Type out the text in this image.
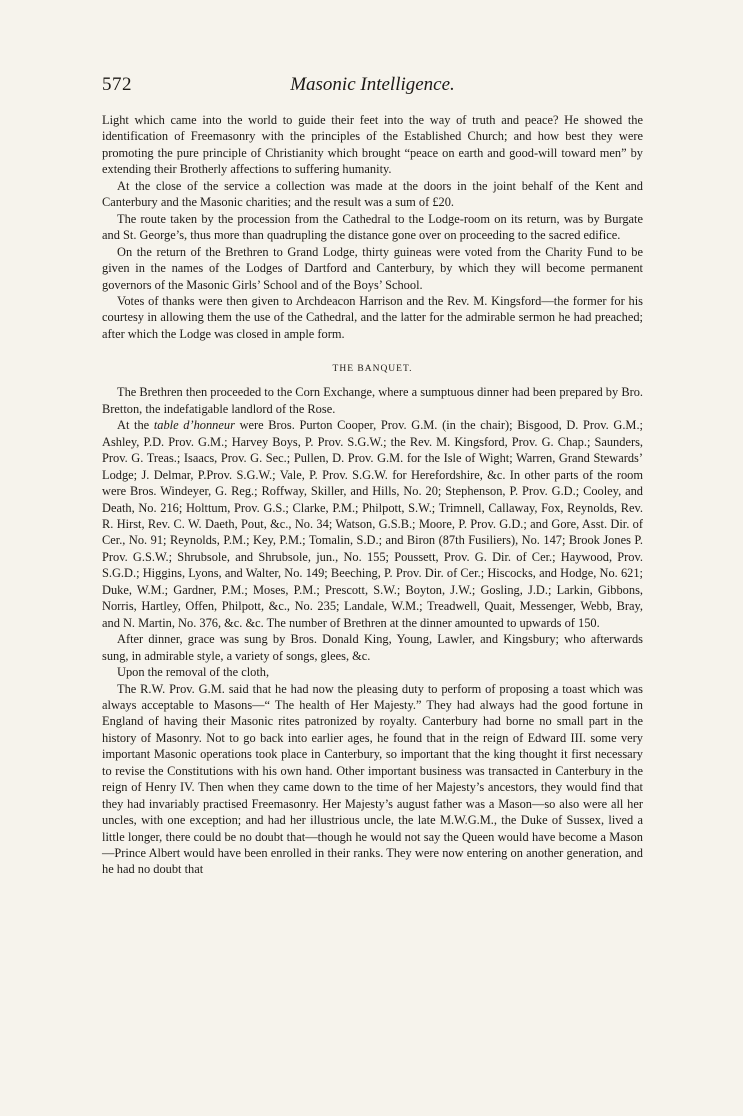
572	Masonic Intelligence.

Light which came into the world to guide their feet into the way of truth and peace? He showed the identification of Freemasonry with the principles of the Established Church; and how best they were promoting the pure principle of Christianity which brought “peace on earth and good-will toward men” by extending their Brotherly affections to suffering humanity.

At the close of the service a collection was made at the doors in the joint behalf of the Kent and Canterbury and the Masonic charities; and the result was a sum of £20.

The route taken by the procession from the Cathedral to the Lodge-room on its return, was by Burgate and St. George’s, thus more than quadrupling the distance gone over on proceeding to the sacred edifice.

On the return of the Brethren to Grand Lodge, thirty guineas were voted from the Charity Fund to be given in the names of the Lodges of Dartford and Canterbury, by which they will become permanent governors of the Masonic Girls’ School and of the Boys’ School.

Votes of thanks were then given to Archdeacon Harrison and the Rev. M. Kingsford—the former for his courtesy in allowing them the use of the Cathedral, and the latter for the admirable sermon he had preached; after which the Lodge was closed in ample form.

THE BANQUET.

The Brethren then proceeded to the Corn Exchange, where a sumptuous dinner had been prepared by Bro. Bretton, the indefatigable landlord of the Rose.

At the table d’honneur were Bros. Purton Cooper, Prov. G.M. (in the chair); Bisgood, D. Prov. G.M.; Ashley, P.D. Prov. G.M.; Harvey Boys, P. Prov. S.G.W.; the Rev. M. Kingsford, Prov. G. Chap.; Saunders, Prov. G. Treas.; Isaacs, Prov. G. Sec.; Pullen, D. Prov. G.M. for the Isle of Wight; Warren, Grand Stewards’ Lodge; J. Delmar, P.Prov. S.G.W.; Vale, P. Prov. S.G.W. for Herefordshire, &c. In other parts of the room were Bros. Windeyer, G. Reg.; Roffway, Skiller, and Hills, No. 20; Stephenson, P. Prov. G.D.; Cooley, and Death, No. 216; Holttum, Prov. G.S.; Clarke, P.M.; Philpott, S.W.; Trimnell, Callaway, Fox, Reynolds, Rev. R. Hirst, Rev. C. W. Daeth, Pout, &c., No. 34; Watson, G.S.B.; Moore, P. Prov. G.D.; and Gore, Asst. Dir. of Cer., No. 91; Reynolds, P.M.; Key, P.M.; Tomalin, S.D.; and Biron (87th Fusiliers), No. 147; Brook Jones P. Prov. G.S.W.; Shrubsole, and Shrubsole, jun., No. 155; Poussett, Prov. G. Dir. of Cer.; Haywood, Prov. S.G.D.; Higgins, Lyons, and Walter, No. 149; Beeching, P. Prov. Dir. of Cer.; Hiscocks, and Hodge, No. 621; Duke, W.M.; Gardner, P.M.; Moses, P.M.; Prescott, S.W.; Boyton, J.W.; Gosling, J.D.; Larkin, Gibbons, Norris, Hartley, Offen, Philpott, &c., No. 235; Landale, W.M.; Treadwell, Quait, Messenger, Webb, Bray, and N. Martin, No. 376, &c. &c. The number of Brethren at the dinner amounted to upwards of 150.

After dinner, grace was sung by Bros. Donald King, Young, Lawler, and Kingsbury; who afterwards sung, in admirable style, a variety of songs, glees, &c.

Upon the removal of the cloth,

The R.W. Prov. G.M. said that he had now the pleasing duty to perform of proposing a toast which was always acceptable to Masons—“ The health of Her Majesty.” They had always had the good fortune in England of having their Masonic rites patronized by royalty. Canterbury had borne no small part in the history of Masonry. Not to go back into earlier ages, he found that in the reign of Edward III. some very important Masonic operations took place in Canterbury, so important that the king thought it first necessary to revise the Constitutions with his own hand. Other important business was transacted in Canterbury in the reign of Henry IV. Then when they came down to the time of her Majesty’s ancestors, they would find that they had invariably practised Freemasonry. Her Majesty’s august father was a Mason—so also were all her uncles, with one exception; and had her illustrious uncle, the late M.W.G.M., the Duke of Sussex, lived a little longer, there could be no doubt that—though he would not say the Queen would have become a Mason—Prince Albert would have been enrolled in their ranks. They were now entering on another generation, and he had no doubt that
